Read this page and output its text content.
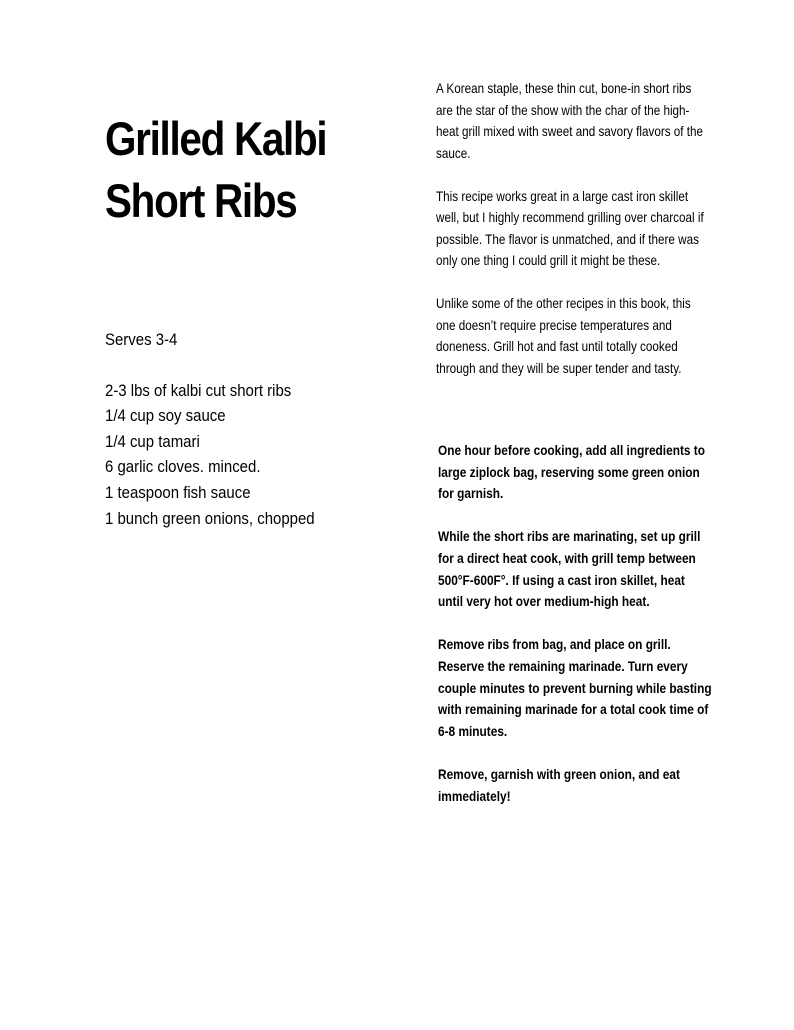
Grilled Kalbi
Short Ribs

Serves 3-4

2-3 lbs of kalbi cut short ribs
1/4 cup soy sauce
1/4 cup tamari
6 garlic cloves. minced.
1 teaspoon fish sauce
1 bunch green onions, chopped

A Korean staple, these thin cut, bone-in short ribs are the star of the show with the char of the high-heat grill mixed with sweet and savory flavors of the sauce.

This recipe works great in a large cast iron skillet well, but I highly recommend grilling over charcoal if possible. The flavor is unmatched, and if there was only one thing I could grill it might be these.

Unlike some of the other recipes in this book, this one doesn’t require precise temperatures and doneness. Grill hot and fast until totally cooked through and they will be super tender and tasty.

One hour before cooking, add all ingredients to large ziplock bag, reserving some green onion for garnish.

While the short ribs are marinating, set up grill for a direct heat cook, with grill temp between 500°F-600F°. If using a cast iron skillet, heat until very hot over medium-high heat.

Remove ribs from bag, and place on grill. Reserve the remaining marinade. Turn every couple minutes to prevent burning while basting with remaining marinade for a total cook time of 6-8 minutes.

Remove, garnish with green onion, and eat immediately!
